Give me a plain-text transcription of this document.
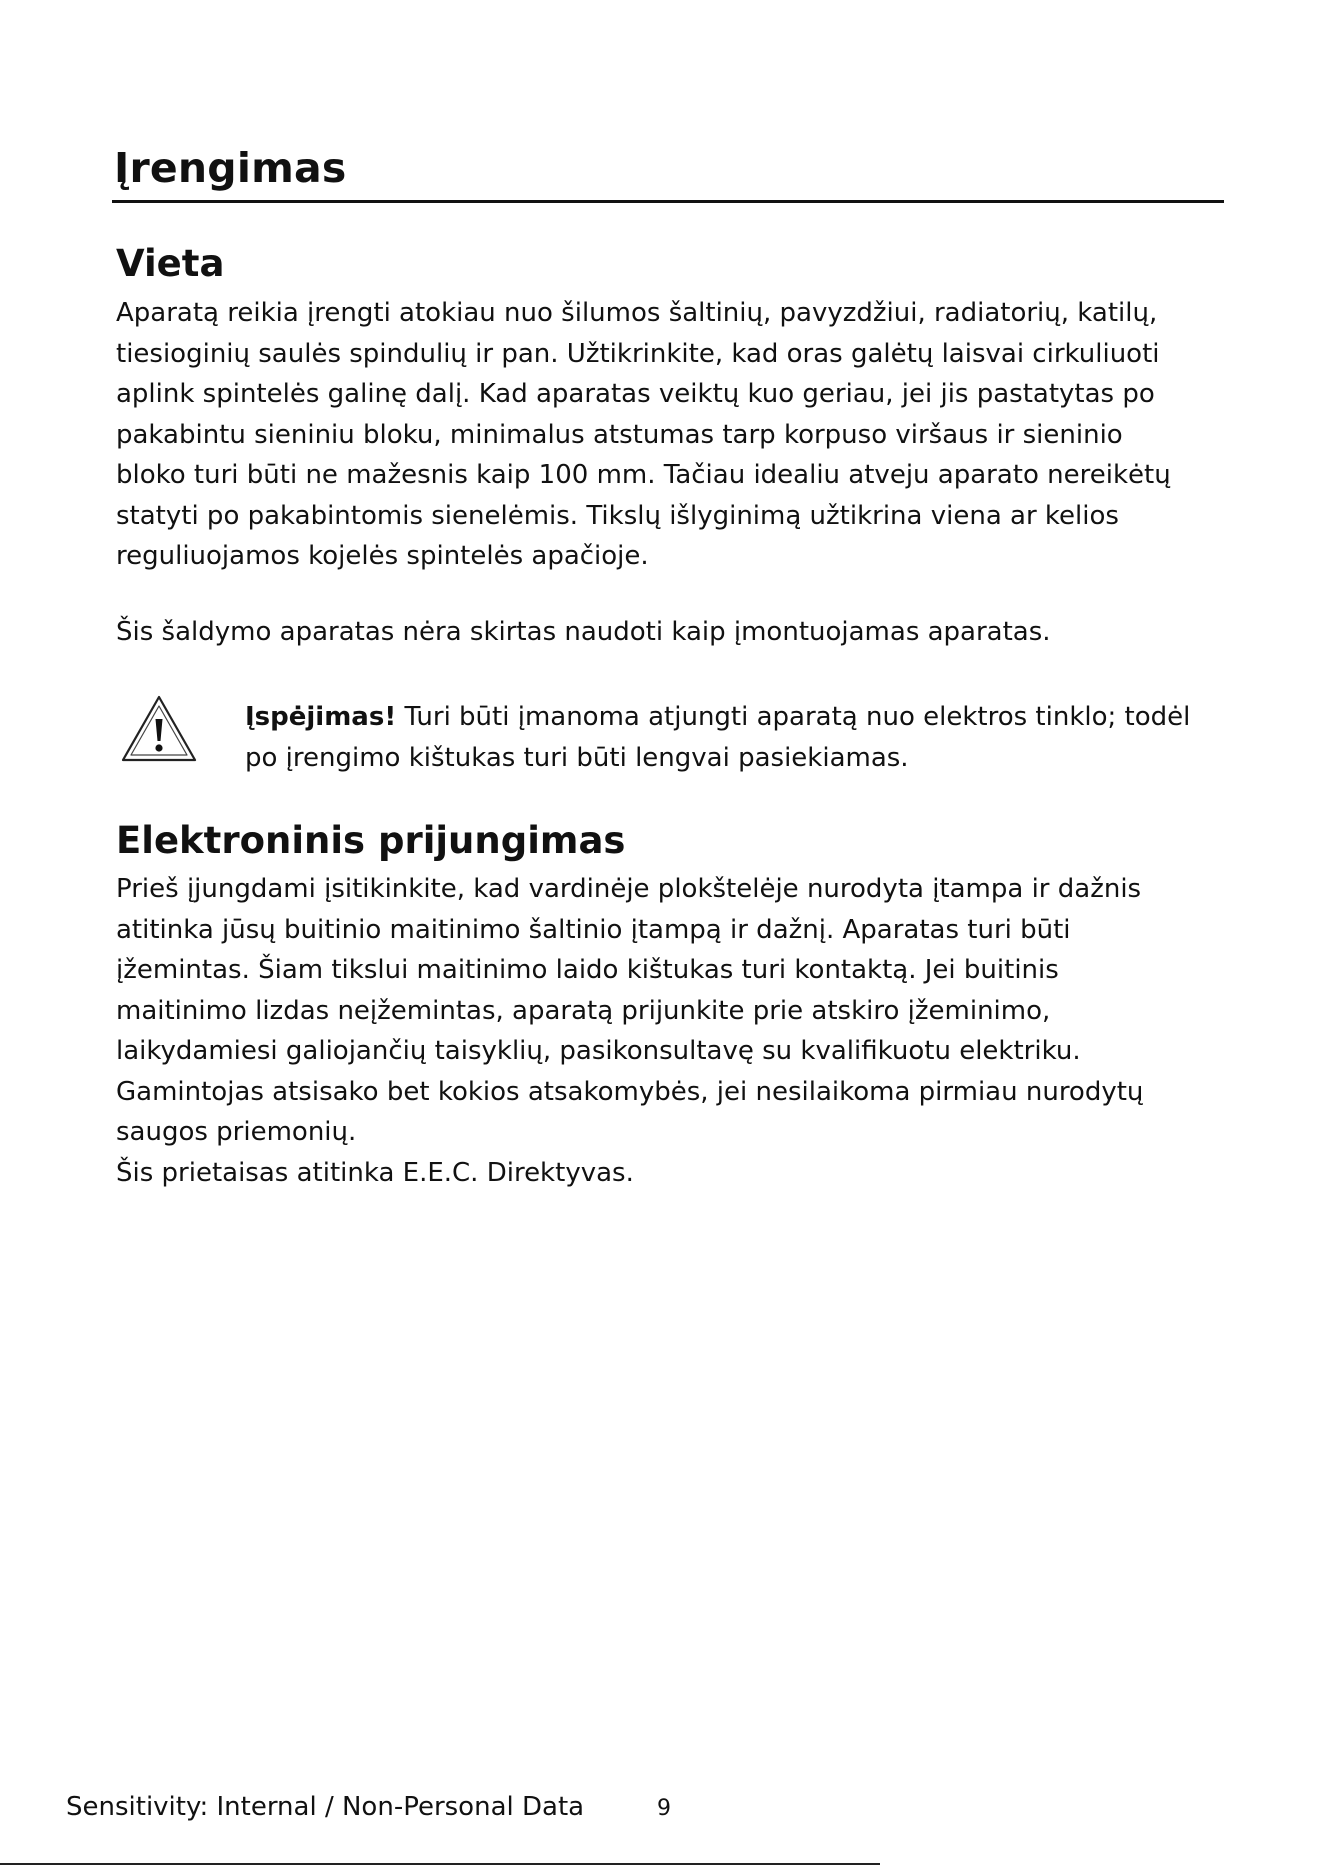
Įrengimas
Vieta

Aparatą reikia įrengti atokiau nuo šilumos šaltinių, pavyzdžiui, radiatorių, katilų,
tiesioginių saulės spindulių ir pan. Užtikrinkite, kad oras galėtų laisvai cirkuliuoti
aplink spintelės galinę dalį. Kad aparatas veiktų kuo geriau, jei jis pastatytas po
pakabintu sieniniu bloku, minimalus atstumas tarp korpuso viršaus ir sieninio
bloko turi būti ne mažesnis kaip 100 mm. Tačiau idealiu atveju aparato nereikėtų
statyti po pakabintomis sienelėmis. Tikslų išlyginimą užtikrina viena ar kelios
reguliuojamos kojelės spintelės apačioje.

Šis šaldymo aparatas nėra skirtas naudoti kaip įmontuojamas aparatas.

Įspėjimas! Turi būti įmanoma atjungti aparatą nuo elektros tinklo; todėl
po įrengimo kištukas turi būti lengvai pasiekiamas.

Elektroninis prijungimas

Prieš įjungdami įsitikinkite, kad vardinėje plokštelėje nurodyta įtampa ir dažnis
atitinka jūsų buitinio maitinimo šaltinio įtampą ir dažnį. Aparatas turi būti
įžemintas. Šiam tikslui maitinimo laido kištukas turi kontaktą. Jei buitinis
maitinimo lizdas neįžemintas, aparatą prijunkite prie atskiro įžeminimo,
laikydamiesi galiojančių taisyklių, pasikonsultavę su kvalifikuotu elektriku.
Gamintojas atsisako bet kokios atsakomybės, jei nesilaikoma pirmiau nurodytų
saugos priemonių.
Šis prietaisas atitinka E.E.C. Direktyvas.

Sensitivity: Internal / Non-Personal Data	9
